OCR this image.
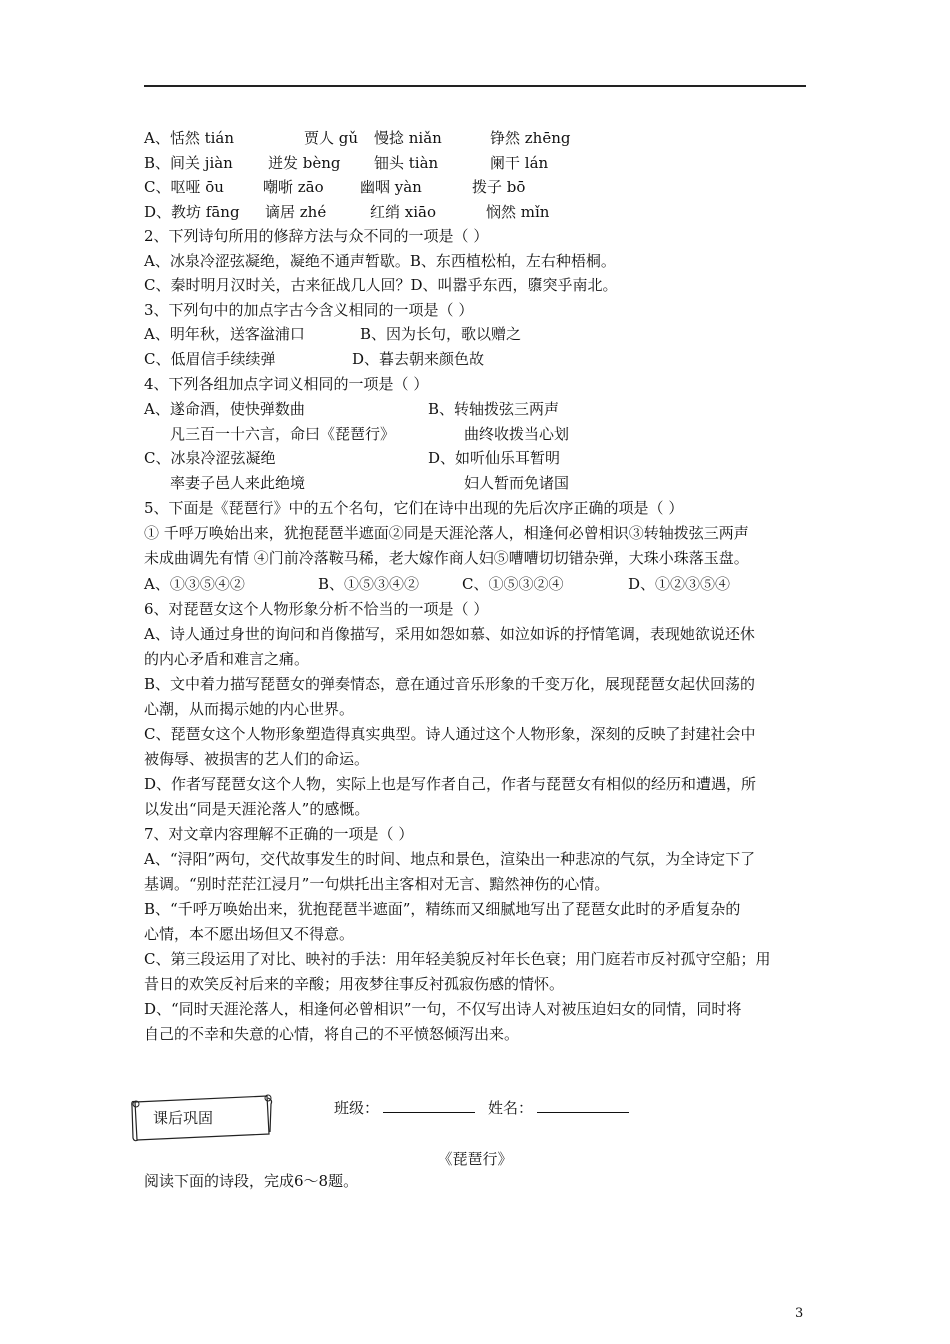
A、恬然 tián	贾人 gǔ 慢捻 niǎn	铮然 zhēng
B、间关 jiàn 迸发 bèng 钿头 tiàn	阑干 lán
C、呕哑 ōu	嘲哳 zāo 幽咽 yàn	拨子 bō
D、教坊 fāng 谪居 zhé	红绡 xiāo	悯然 mǐn
2、下列诗句所用的修辞方法与众不同的一项是（ ）
A、冰泉冷涩弦凝绝，凝绝不通声暂歇。B、东西植松柏，左右种梧桐。
C、秦时明月汉时关，古来征战几人回？D、叫嚣乎东西，隳突乎南北。
3、下列句中的加点字古今含义相同的一项是（ ）
A、明年秋，送客湓浦口	B、因为长句，歌以赠之
C、低眉信手续续弹	D、暮去朝来颜色故
4、下列各组加点字词义相同的一项是（ ）
A、遂命酒，使快弹数曲	B、转轴拨弦三两声
凡三百一十六言，命曰《琵琶行》	曲终收拨当心划
C、冰泉冷涩弦凝绝	D、如听仙乐耳暂明
率妻子邑人来此绝境	妇人暂而免诸国
5、下面是《琵琶行》中的五个名句，它们在诗中出现的先后次序正确的项是（ ）
① 千呼万唤始出来，犹抱琵琶半遮面②同是天涯沦落人，相逢何必曾相识③转轴拨弦三两声
未成曲调先有情 ④门前冷落鞍马稀，老大嫁作商人妇⑤嘈嘈切切错杂弹，大珠小珠落玉盘。
A、①③⑤④②	B、①⑤③④②	C、①⑤③②④	D、①②③⑤④
6、对琵琶女这个人物形象分析不恰当的一项是（ ）
A、诗人通过身世的询问和肖像描写，采用如怨如慕、如泣如诉的抒情笔调，表现她欲说还休
的内心矛盾和难言之痛。
B、文中着力描写琵琶女的弹奏情态，意在通过音乐形象的千变万化，展现琵琶女起伏回荡的
心潮，从而揭示她的内心世界。
C、琵琶女这个人物形象塑造得真实典型。诗人通过这个人物形象，深刻的反映了封建社会中
被侮辱、被损害的艺人们的命运。
D、作者写琵琶女这个人物，实际上也是写作者自己，作者与琵琶女有相似的经历和遭遇，所
以发出“同是天涯沦落人”的感慨。
7、对文章内容理解不正确的一项是（ ）
A、“浔阳”两句，交代故事发生的时间、地点和景色，渲染出一种悲凉的气氛，为全诗定下了
基调。“别时茫茫江浸月”一句烘托出主客相对无言、黯然神伤的心情。
B、“千呼万唤始出来，犹抱琵琶半遮面”，精练而又细腻地写出了琵琶女此时的矛盾复杂的
心情，本不愿出场但又不得意。
C、第三段运用了对比、映衬的手法：用年轻美貌反衬年长色衰；用门庭若市反衬孤守空船；用
昔日的欢笑反衬后来的辛酸；用夜梦往事反衬孤寂伤感的情怀。
D、“同时天涯沦落人，相逢何必曾相识”一句，不仅写出诗人对被压迫妇女的同情，同时将
自己的不幸和失意的心情，将自己的不平愤怒倾泻出来。
课后巩固
班级：	姓名：
《琵琶行》
阅读下面的诗段，完成6～8题。
3
